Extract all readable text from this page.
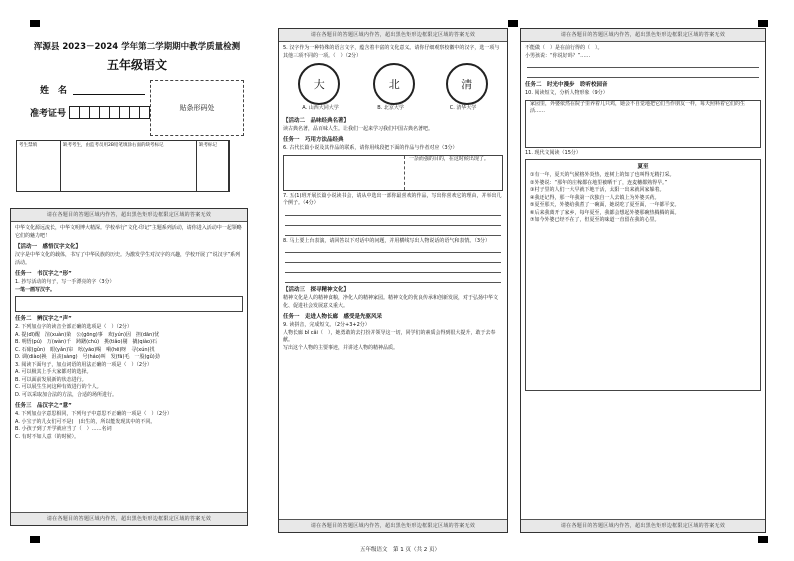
浑源县 2023－2024 学年第二学期期中教学质量检测
五年级语文
姓　名
准考证号
贴条形码处
考生禁填	缺考考生，由监考员用2B铅笔填涂右面的缺考标记	缺考标记
请在各题目的答题区域内作答，超出黑色矩形边框限定区域的答案无效
中华文化源远流长，中华文明博大精深。学校举行“文化·印记”主题系列活动，请你进入活动中一起领略它们的魅力吧！
【活动一　感悟汉字文化】
汉字是中华文化的载体，书写了中华民族的历史。为激发学生对汉字的兴趣，学校开展了“说汉字”系列活动。
任务一　书汉字之“形”
1. 抄写活动的句子，写一手漂亮的字（3分）
一笔一画写汉字。
任务二　辨汉字之“声”
2. 下列加点字的读音全部正确的选项是（　）（2分）
A. 提(dī)醒　渲(xuàn)染　公(gōng)事　欢(yún)因　担(dān)忧
B. 明悟(pú)　万(wàn)千　踌躇(chú)　挑(tiǎo)剔　撬(qiào)石
C. 石磙(gǔn)　眼(yǎn)帘　吆(yāo)喝　嗬(hē)呀　寻(xún)找
D. 调(diào)换　沮丧(sàng)　号(háo)叫　发(fā)毛　一股(gǔ)劲
3. 阅读下面句子，加点词语的用法正确的一项是（　）（2分）
A. 可以极其上手大家都对的选择。
B. 可以面前发展新的状态进行。
C. 可以展生生问这种有效进行的个人。
D. 可以采取加合法的方法，合适的场所进行。
任务三　品汉字之“意”
4. 下列加点字意思相同，下列句子中意思不正确的一项是（　）（2分）
A. 小宝子的儿女们可不是(　)出生的，所以能发现其中的不同。
B. 小孩子到了开学就应当了（　）……名词
C. 有时不如人意（的时候）。
请在各题目的答题区域内作答，超出黑色矩形边框限定区域的答案无效
请在各题目的答题区域内作答，超出黑色矩形边框限定区域的答案无效
5. 汉字作为一种特殊的语言文字，蕴含着丰富的文化意义。请你仔细观察校徽中的汉字，选一项与其他三项不同的一项。（　）（2分）
大
A. 山西大同大学
北
B. 北京大学
清
C. 清华大学
【活动二　品味经典名著】
读古典名著，品百味人生。让我们一起来学习我们中国古典名著吧。
任务一　巧用方法品经典
6. 古代长篇小说及其作品的联系，请你用线段把下面的作品与作者对应（3分）
一杂而强的目的，在这时候出现了。
7. 五(1)班开展长篇小说读书会，请从中选出一部你最喜欢的作品，写出你喜欢它的理由，并举出几个例子。（4分）
8. 马上要上台表演，请回答以下对话中的问题，并用横线写出人物说话的语气和表情。（3分）
【活动三　探寻精神文化】
精神文化是人的精神食粮，净化人的精神家园。精神文化的优良传承和创新发展，对于弘扬中华文化、促进社会发展意义重大。
任务一　走进人物长廊　感受是先驱风采
9. 读拼音，完成短文。（2分+3+2分）
人物长廊 bǐ cǎi（　），她勇敢的去打扮并领导这一切，同学们的素质会得到很大提升，敢于去奉献。
写出这个人物的主要事迹，并讲述人物的精神品质。
请在各题目的答题区域内作答，超出黑色矩形边框限定区域的答案无效
请在各题目的答题区域内作答，超出黑色矩形边框限定区域的答案无效
不能做（　）是在前行得的（　）。
小男孩说：“你说好吗？”……
任务二　时光中漫步　聆听校园音
10. 阅读短文，分析人物形象（9分）
家园里，外婆依然在院子里养着几只鸡，她会不自觉地把它们当作朋友一样，每天照料着它们的生活……
11. 现代文阅读（15分）
夏至
①有一年，夏天的气候格外炎热，连树上的知了也叫得无精打采。
②外婆说：“那年的庄稼都在地里被晒干了，连麦穗都熟得早。”
③村子里的人们一大早就下地干活，太阳一出来就回家躲着。
④我还记得，那一年我第一次独自一人去镇上为外婆买药。
⑤夏至那天，外婆给我煮了一碗面，她说吃了夏至面，一年都平安。
⑥后来我离开了家乡，每年夏至，我都会想起外婆那碗热腾腾的面。
⑦如今外婆已经不在了，但夏至的味道一直留在我的心里。
请在各题目的答题区域内作答，超出黑色矩形边框限定区域的答案无效
五年级语文　第 1 页（共 2 页）
